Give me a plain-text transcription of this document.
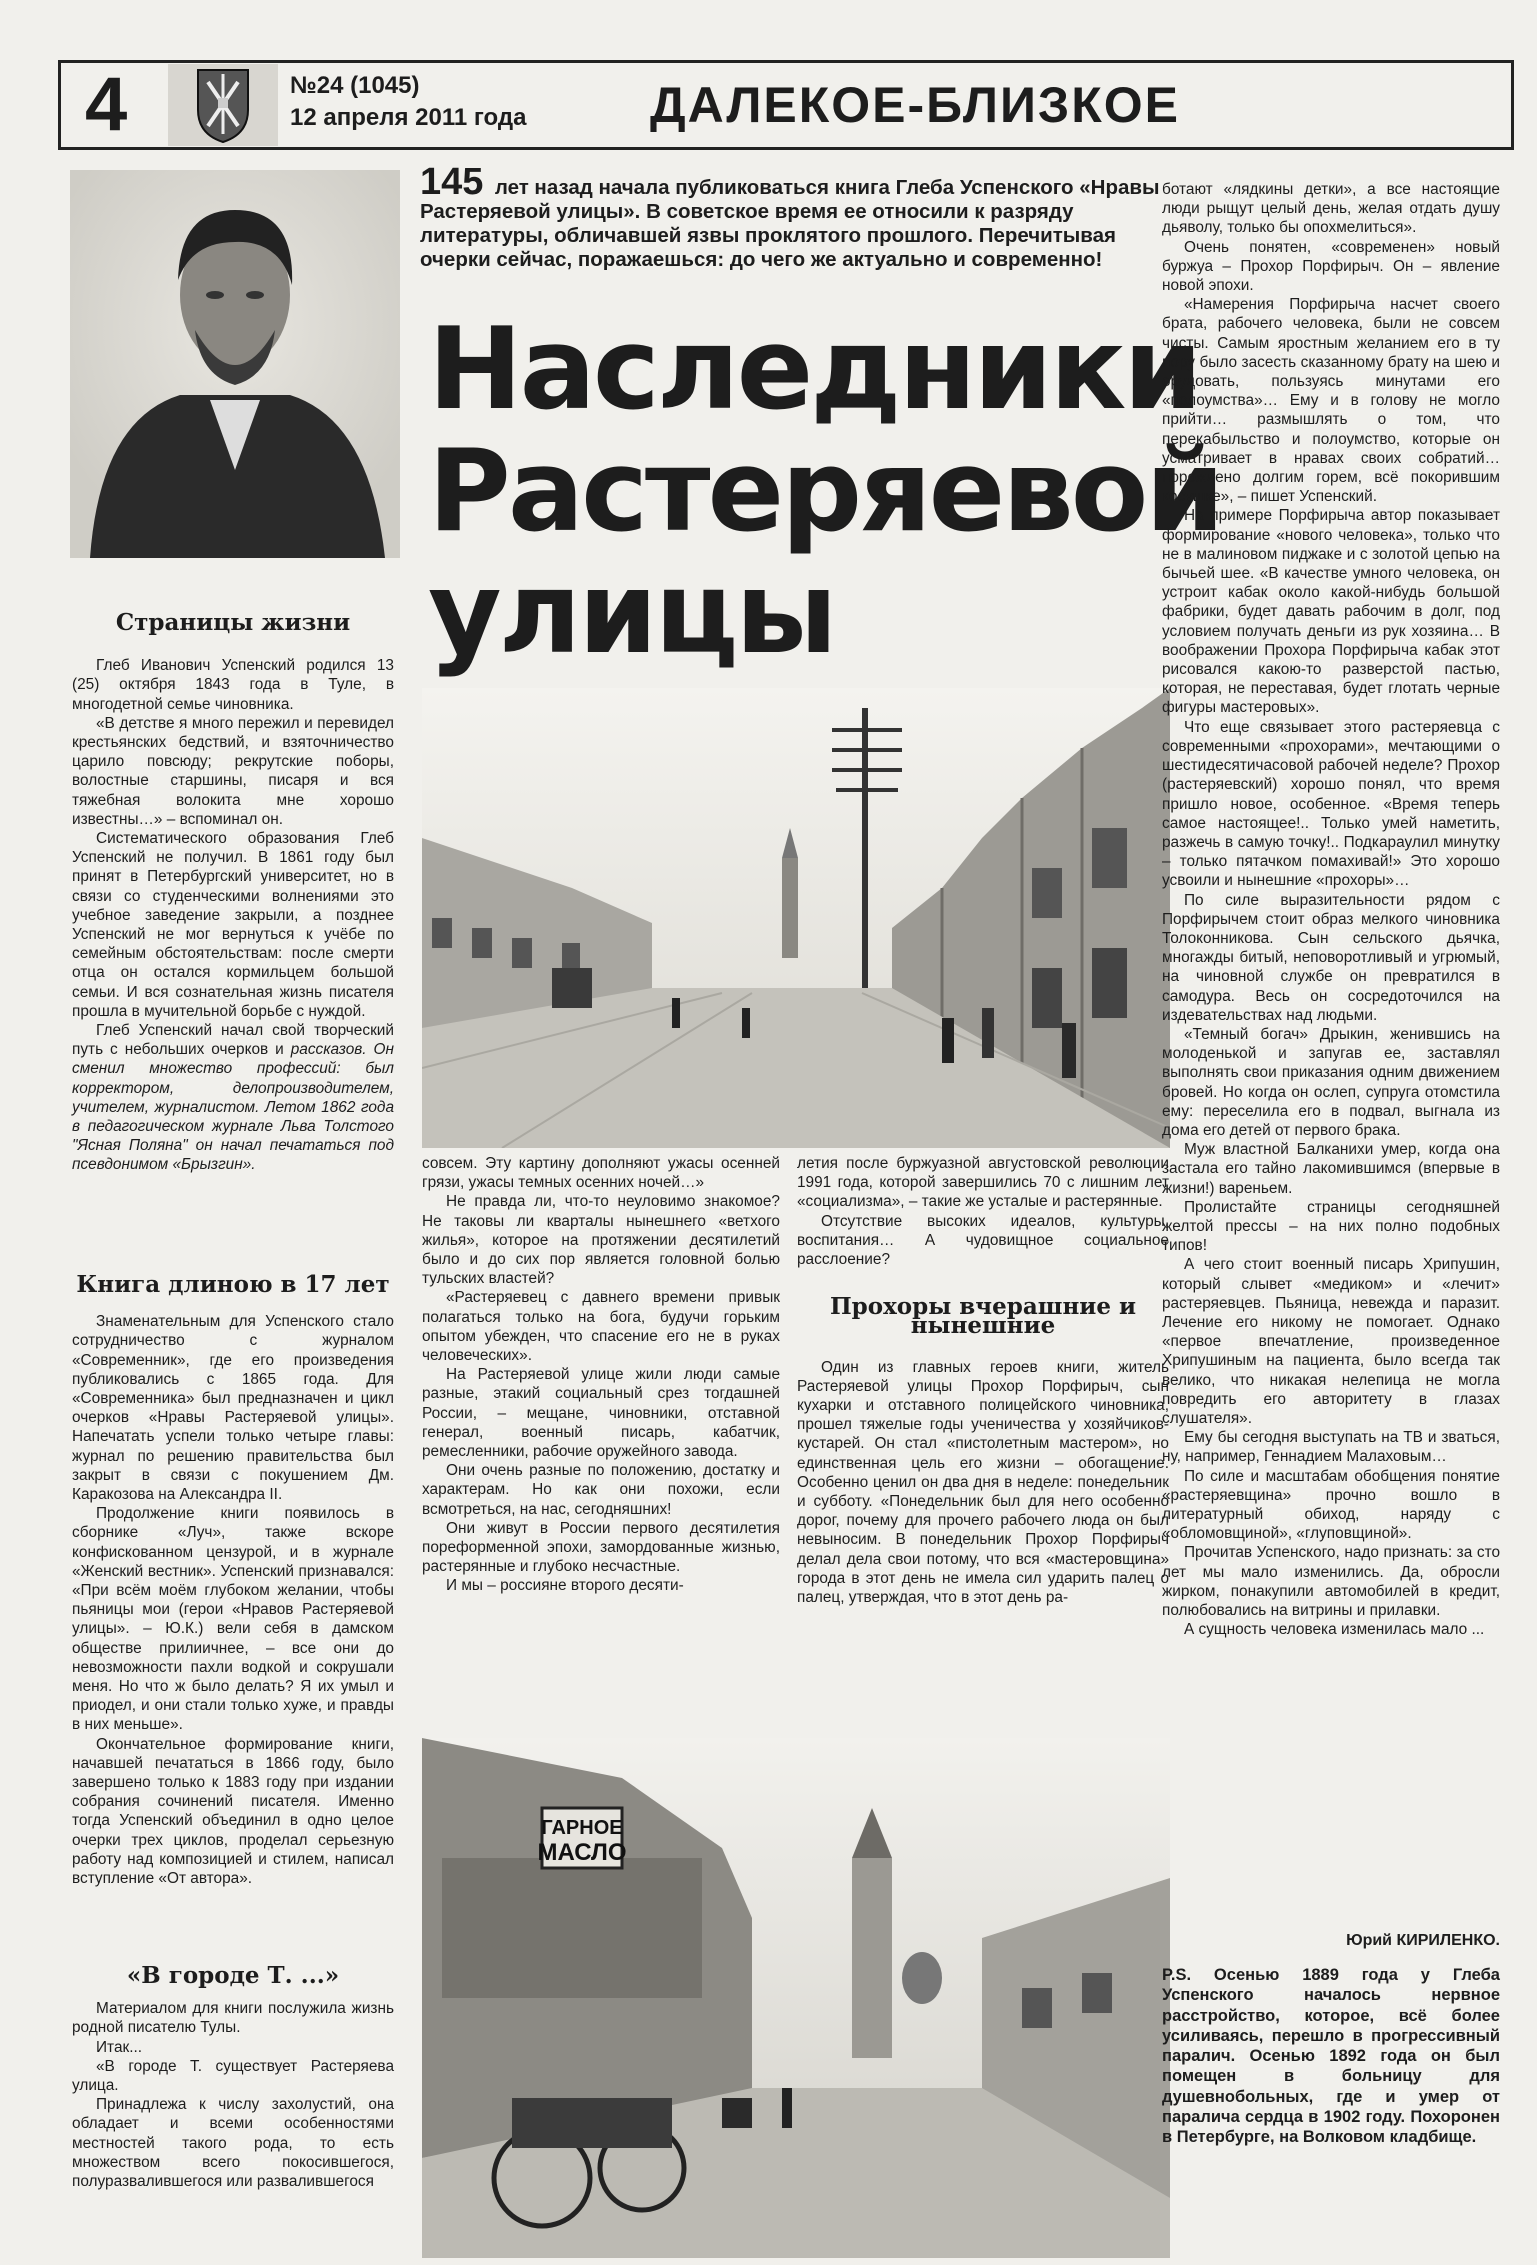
4	№24 (1045)
12 апреля 2011 года ДАЛЕКОЕ-БЛИЗКОЕ
Страницы жизни

Глеб Иванович Успенский родился 13 (25) октября 1843 года в Туле, в многодетной семье чиновника.

«В детстве я много пережил и перевидел крестьянских бедствий, и взяточничество царило повсюду; рекрутские поборы, волостные старшины, писаря и вся тяжебная волокита мне хорошо известны…» – вспоминал он.

Систематического образования Глеб Успенский не получил. В 1861 году был принят в Петербургский университет, но в связи со студенческими волнениями это учебное заведение закрыли, а позднее Успенский не мог вернуться к учёбе по семейным обстоятельствам: после смерти отца он остался кормильцем большой семьи. И вся сознательная жизнь писателя прошла в мучительной борьбе с нуждой.

Глеб Успенский начал свой творческий путь с небольших очерков и рассказов. Он сменил множество профессий: был корректором, делопроизводителем, учителем, журналистом. Летом 1862 года в педагогическом журнале Льва Толстого "Ясная Поляна" он начал печататься под псевдонимом «Брызгин».

Книга длиною в 17 лет

Знаменательным для Успенского стало сотрудничество с журналом «Современник», где его произведения публиковались с 1865 года. Для «Современника» был предназначен и цикл очерков «Нравы Растеряевой улицы». Напечатать успели только четыре главы: журнал по решению правительства был закрыт в связи с покушением Дм. Каракозова на Александра II.

Продолжение книги появилось в сборнике «Луч», также вскоре конфискованном цензурой, и в журнале «Женский вестник». Успенский признавался: «При всём моём глубоком желании, чтобы пьяницы мои (герои «Нравов Растеряевой улицы». – Ю.К.) вели себя в дамском обществе прилиичнее, – все они до невозможности пахли водкой и сокрушали меня. Но что ж было делать? Я их умыл и приодел, и они стали только хуже, и правды в них меньше».

Окончательное формирование книги, начавшей печататься в 1866 году, было завершено только к 1883 году при издании собрания сочинений писателя. Именно тогда Успенский объединил в одно целое очерки трех циклов, проделал серьезную работу над композицией и стилем, написал вступление «От автора».

«В городе Т. ...»

Материалом для книги послужила жизнь родной писателю Тулы.

Итак...

«В городе Т. существует Растеряева улица.

Принадлежа к числу захолустий, она обладает и всеми особенностями местностей такого рода, то есть множеством всего покосившегося, полуразвалившегося или развалившегося

145 лет назад начала публиковаться книга Глеба Успенского «Нравы Растеряевой улицы». В советское время ее относили к разряду литературы, обличавшей язвы проклятого прошлого. Перечитывая очерки сейчас, поражаешься: до чего же актуально и современно!
Наследники
Растеряевой
улицы

совсем. Эту картину дополняют ужасы осенней грязи, ужасы темных осенних ночей…»

Не правда ли, что-то неуловимо знакомое? Не таковы ли кварталы нынешнего «ветхого жилья», которое на протяжении десятилетий было и до сих пор является головной болью тульских властей?

«Растеряевец с давнего времени привык полагаться только на бога, будучи горьким опытом убежден, что спасение его не в руках человеческих».

На Растеряевой улице жили люди самые разные, этакий социальный срез тогдашней России, – мещане, чиновники, отставной генерал, военный писарь, кабатчик, ремесленники, рабочие оружейного завода.

Они очень разные по положению, достатку и характерам. Но как они похожи, если всмотреться, на нас, сегодняшних!

Они живут в России первого десятилетия пореформенной эпохи, замордованные жизнью, растерянные и глубоко несчастные.

И мы – россияне второго десяти-

летия после буржуазной августовской революции 1991 года, которой завершились 70 с лишним лет «социализма», – такие же усталые и растерянные.

Отсутствие высоких идеалов, культуры, воспитания… А чудовищное социальное расслоение?

Прохоры вчерашние и нынешние

Один из главных героев книги, житель Растеряевой улицы Прохор Порфирыч, сын кухарки и отставного полицейского чиновника, прошел тяжелые годы ученичества у хозяйчиков-кустарей. Он стал «пистолетным мастером», но единственная цель его жизни – обогащение. Особенно ценил он два дня в неделе: понедельник и субботу. «Понедельник был для него особенно дорог, почему для прочего рабочего люда он был невыносим. В понедельник Прохор Порфирыч делал дела свои потому, что вся «мастеровщина» города в этот день не имела сил ударить палец о палец, утверждая, что в этот день ра-

ГАРНОЕ
МАСЛО

ботают «лядкины детки», а все настоящие люди рыщут целый день, желая отдать душу дьяволу, только бы опохмелиться».

Очень понятен, «современен» новый буржуа – Прохор Порфирыч. Он – явление новой эпохи.

«Намерения Порфирыча насчет своего брата, рабочего человека, были не совсем чисты. Самым яростным желанием его в ту пору было засесть сказанному брату на шею и орудовать, пользуясь минутами его «полоумства»… Ему и в голову не могло прийти… размышлять о том, что перекабыльство и полоумство, которые он усматривает в нравах своих собратий… порождено долгим горем, всё покорившим косушке», – пишет Успенский.

На примере Порфирыча автор показывает формирование «нового человека», только что не в малиновом пиджаке и с золотой цепью на бычьей шее. «В качестве умного человека, он устроит кабак около какой-нибудь большой фабрики, будет давать рабочим в долг, под условием получать деньги из рук хозяина… В воображении Прохора Порфирыча кабак этот рисовался какою-то разверстой пастью, которая, не переставая, будет глотать черные фигуры мастеровых».

Что еще связывает этого растеряевца с современными «прохорами», мечтающими о шестидесятичасовой рабочей неделе? Прохор (растеряевский) хорошо понял, что время пришло новое, особенное. «Время теперь самое настоящее!.. Только умей наметить, разжечь в самую точку!.. Подкараулил минутку – только пятачком помахивай!» Это хорошо усвоили и нынешние «прохоры»…

По силе выразительности рядом с Порфирычем стоит образ мелкого чиновника Толоконникова. Сын сельского дьячка, многажды битый, неповоротливый и угрюмый, на чиновной службе он превратился в самодура. Весь он сосредоточился на издевательствах над людьми.

«Темный богач» Дрыкин, женившись на молоденькой и запугав ее, заставлял выполнять свои приказания одним движением бровей. Но когда он ослеп, супруга отомстила ему: переселила его в подвал, выгнала из дома его детей от первого брака.

Муж властной Балканихи умер, когда она застала его тайно лакомившимся (впервые в жизни!) вареньем.

Пролистайте страницы сегодняшней желтой прессы – на них полно подобных типов!

А чего стоит военный писарь Хрипушин, который слывет «медиком» и «лечит» растеряевцев. Пьяница, невежда и паразит. Лечение его никому не помогает. Однако «первое впечатление, произведенное Хрипушиным на пациента, было всегда так велико, что никакая нелепица не могла повредить его авторитету в глазах слушателя».

Ему бы сегодня выступать на ТВ и зваться, ну, например, Геннадием Малаховым…

По силе и масштабам обобщения понятие «растеряевщина» прочно вошло в литературный обиход, наряду с «обломовщиной», «глуповщиной».

Прочитав Успенского, надо признать: за сто лет мы мало изменились. Да, обросли жирком, понакупили автомобилей в кредит, полюбовались на витрины и прилавки.

А сущность человека изменилась мало ...

Юрий КИРИЛЕНКО.
P.S. Осенью 1889 года у Глеба Успенского началось нервное расстройство, которое, всё более усиливаясь, перешло в прогрессивный паралич. Осенью 1892 года он был помещен в больницу для душевнобольных, где и умер от паралича сердца в 1902 году. Похоронен в Петербурге, на Волковом кладбище.
